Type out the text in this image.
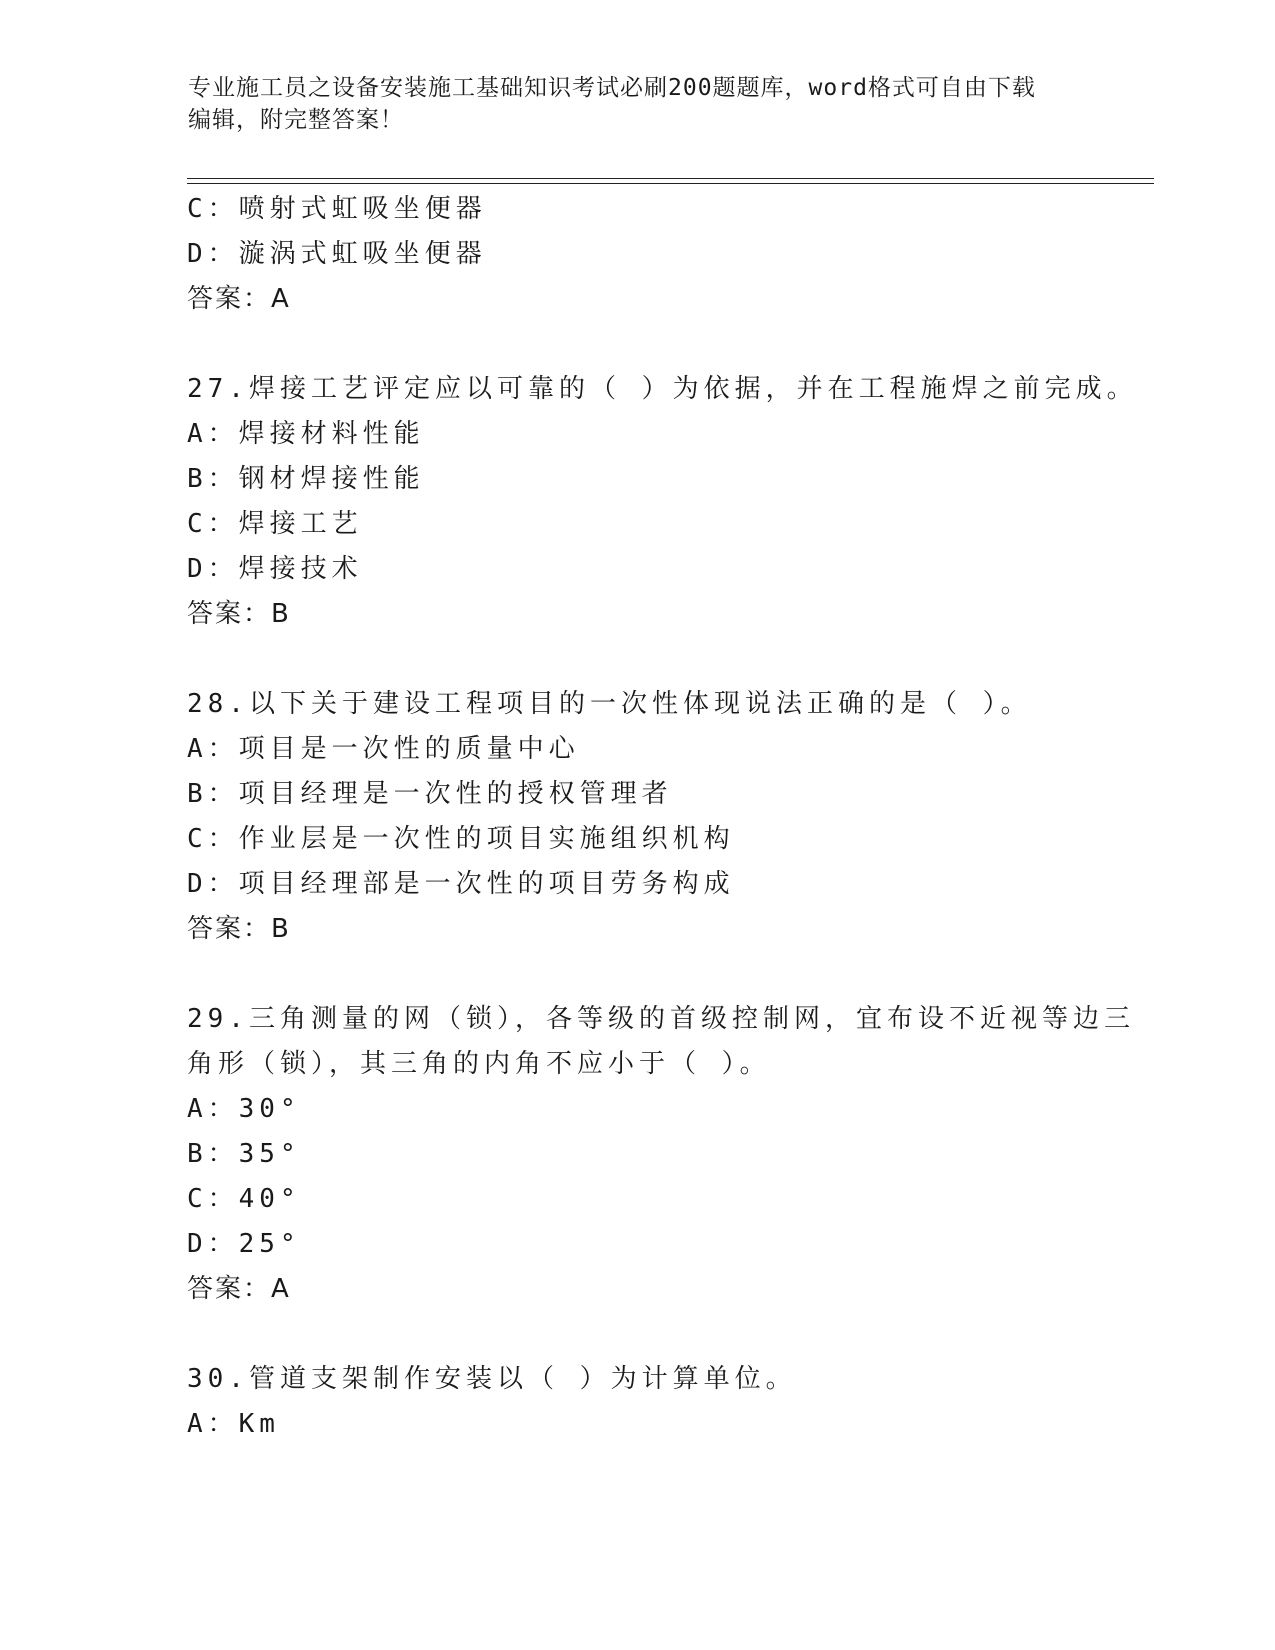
专业施工员之设备安装施工基础知识考试必刷200题题库，word格式可自由下载
编辑，附完整答案！
C：喷射式虹吸坐便器
D：漩涡式虹吸坐便器
答案：A
27.焊接工艺评定应以可靠的（ ）为依据，并在工程施焊之前完成。
A：焊接材料性能
B：钢材焊接性能
C：焊接工艺
D：焊接技术
答案：B
28.以下关于建设工程项目的一次性体现说法正确的是（ ）。
A：项目是一次性的质量中心
B：项目经理是一次性的授权管理者
C：作业层是一次性的项目实施组织机构
D：项目经理部是一次性的项目劳务构成
答案：B
29.三角测量的网（锁），各等级的首级控制网，宜布设不近视等边三
角形（锁），其三角的内角不应小于（ ）。
A：30°
B：35°
C：40°
D：25°
答案：A
30.管道支架制作安装以（ ）为计算单位。
A：Km
